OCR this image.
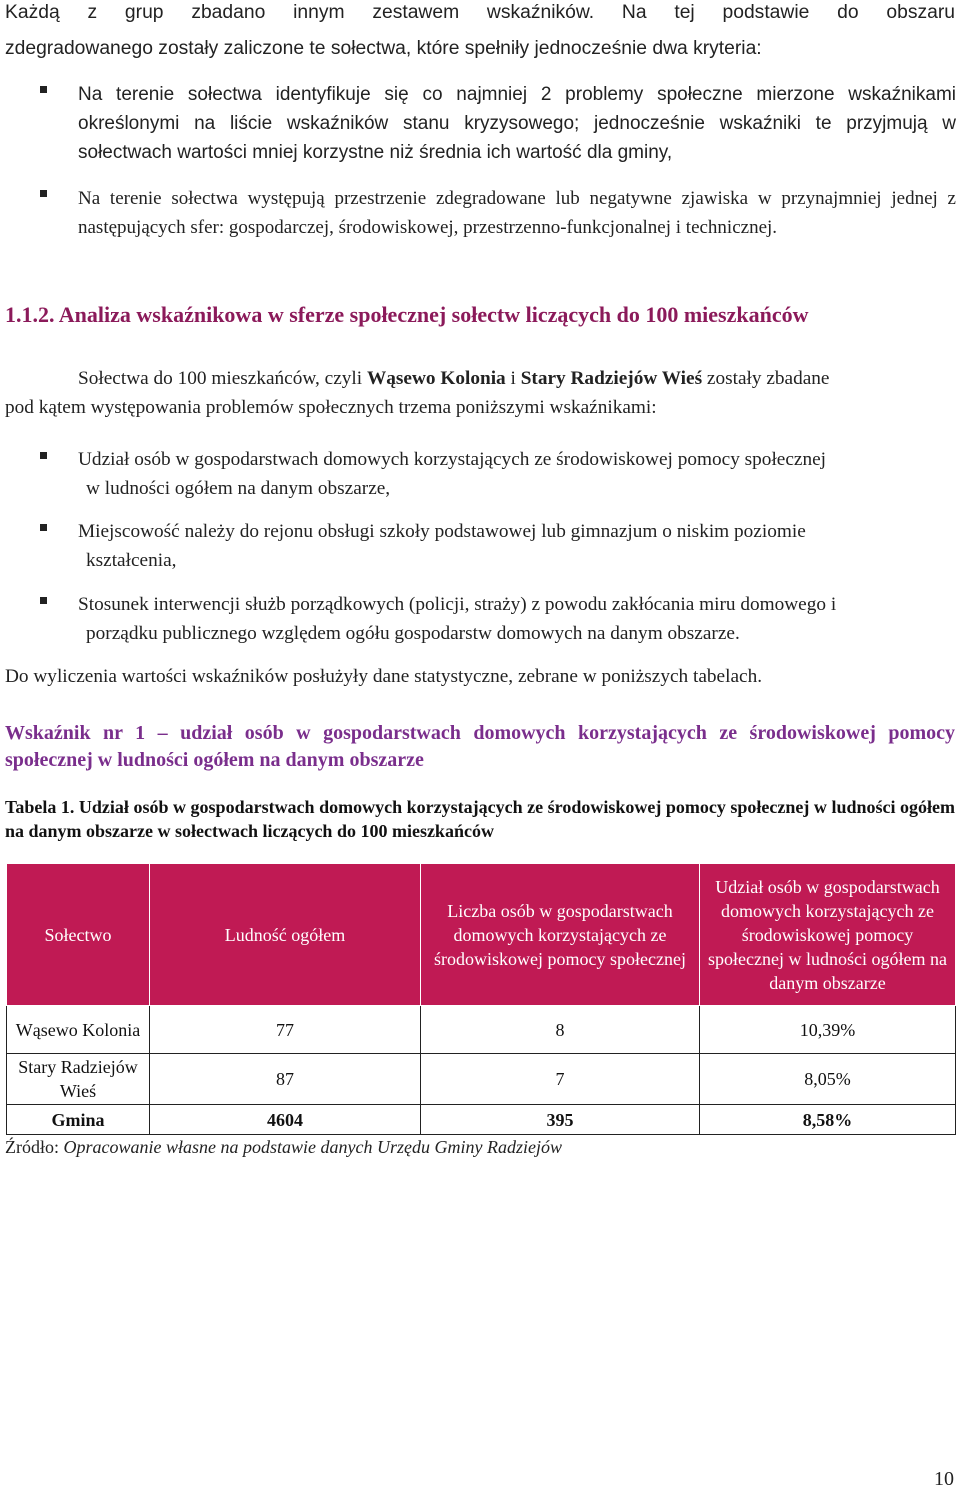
Każdą z grup zbadano innym zestawem wskaźników. Na tej podstawie do obszaru
zdegradowanego zostały zaliczone te sołectwa, które spełniły jednocześnie dwa kryteria:
Na terenie sołectwa identyfikuje się co najmniej 2 problemy społeczne mierzone wskaźnikami określonymi na liście wskaźników stanu kryzysowego; jednocześnie wskaźniki te przyjmują w sołectwach wartości mniej korzystne niż średnia ich wartość dla gminy,
Na terenie sołectwa występują przestrzenie zdegradowane lub negatywne zjawiska w przynajmniej jednej z następujących sfer: gospodarczej, środowiskowej, przestrzenno-funkcjonalnej i technicznej.
1.1.2. Analiza wskaźnikowa w sferze społecznej sołectw liczących do 100 mieszkańców
Sołectwa do 100 mieszkańców, czyli Wąsewo Kolonia i Stary Radziejów Wieś zostały zbadane
pod kątem występowania problemów społecznych trzema poniższymi wskaźnikami:
Udział osób w gospodarstwach domowych korzystających ze środowiskowej pomocy społecznej
w ludności ogółem na danym obszarze,
Miejscowość należy do rejonu obsługi szkoły podstawowej lub gimnazjum o niskim poziomie
kształcenia,
Stosunek interwencji służb porządkowych (policji, straży) z powodu zakłócania miru domowego i
porządku publicznego względem ogółu gospodarstw domowych na danym obszarze.
Do wyliczenia wartości wskaźników posłużyły dane statystyczne, zebrane w poniższych tabelach.
Wskaźnik nr 1 – udział osób w gospodarstwach domowych korzystających ze środowiskowej pomocy społecznej w ludności ogółem na danym obszarze
Tabela 1. Udział osób w gospodarstwach domowych korzystających ze środowiskowej pomocy społecznej w ludności ogółem na danym obszarze w sołectwach liczących do 100 mieszkańców
Sołectwo	Ludność ogółem	Liczba osób w gospodarstwach domowych korzystających ze środowiskowej pomocy społecznej	Udział osób w gospodarstwach domowych korzystających ze środowiskowej pomocy społecznej w ludności ogółem na danym obszarze
Wąsewo Kolonia	77	8	10,39%
Stary Radziejów Wieś	87	7	8,05%
Gmina	4604	395	8,58%
Źródło: Opracowanie własne na podstawie danych Urzędu Gminy Radziejów
10
